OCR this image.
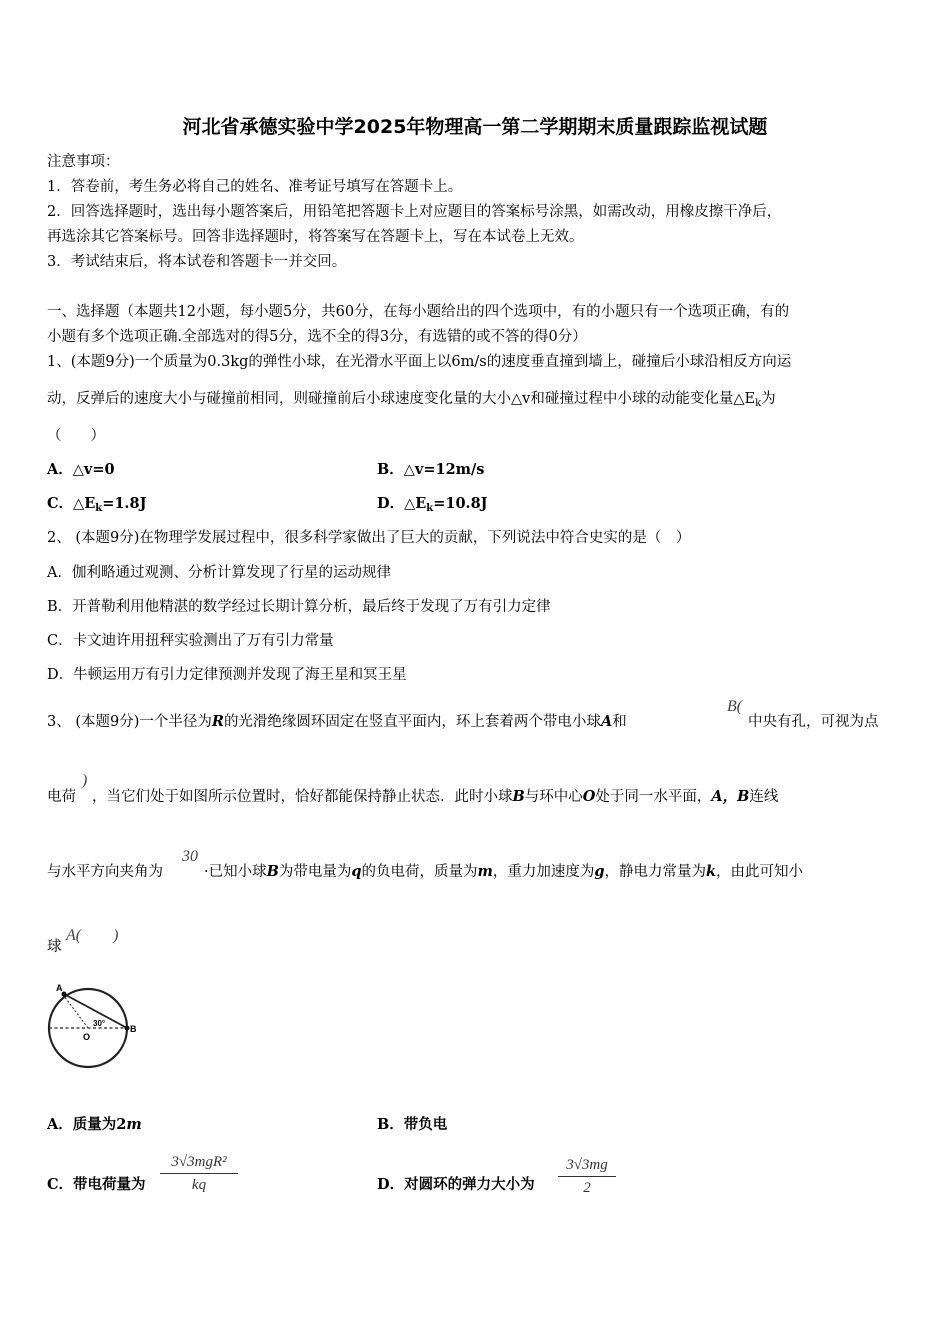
河北省承德实验中学2025年物理高一第二学期期末质量跟踪监视试题
注意事项：
1．答卷前，考生务必将自己的姓名、准考证号填写在答题卡上。
2．回答选择题时，选出每小题答案后，用铅笔把答题卡上对应题目的答案标号涂黑，如需改动，用橡皮擦干净后，
再选涂其它答案标号。回答非选择题时，将答案写在答题卡上，写在本试卷上无效。
3．考试结束后，将本试卷和答题卡一并交回。
一、选择题（本题共12小题，每小题5分，共60分，在每小题给出的四个选项中，有的小题只有一个选项正确，有的
小题有多个选项正确.全部选对的得5分，选不全的得3分，有选错的或不答的得0分）
1、(本题9分)一个质量为0.3kg的弹性小球，在光滑水平面上以6m/s的速度垂直撞到墙上，碰撞后小球沿相反方向运
动，反弹后的速度大小与碰撞前相同，则碰撞前后小球速度变化量的大小△v和碰撞过程中小球的动能变化量$\triangle E_k$为
（　　）
A．△v=0	B．△v=12m/s
C．$\triangle E_k=1.8J$	D．$\triangle E_k=10.8J$
2、 (本题9分)在物理学发展过程中，很多科学家做出了巨大的贡献，下列说法中符合史实的是（　）
A．伽利略通过观测、分析计算发现了行星的运动规律
B．开普勒利用他精湛的数学经过长期计算分析，最后终于发现了万有引力定律
C．卡文迪许用扭秤实验测出了万有引力常量
D．牛顿运用万有引力定律预测并发现了海王星和冥王星
3、 (本题9分)一个半径为R的光滑绝缘圆环固定在竖直平面内，环上套着两个带电小球A和
B(
中央有孔，可视为点
电荷
)
，当它们处于如图所示位置时，恰好都能保持静止状态．此时小球B与环中心O处于同一水平面，A，B连线
与水平方向夹角为
30
·已知小球B为带电量为q的负电荷，质量为m，重力加速度为g，静电力常量为k，由此可知小
球
A(　　)
A
O
B
30°
A．质量为2m	B．带负电
C．带电荷量为
3√3mgR²
kq	D．对圆环的弹力大小为
3√3mg
2
